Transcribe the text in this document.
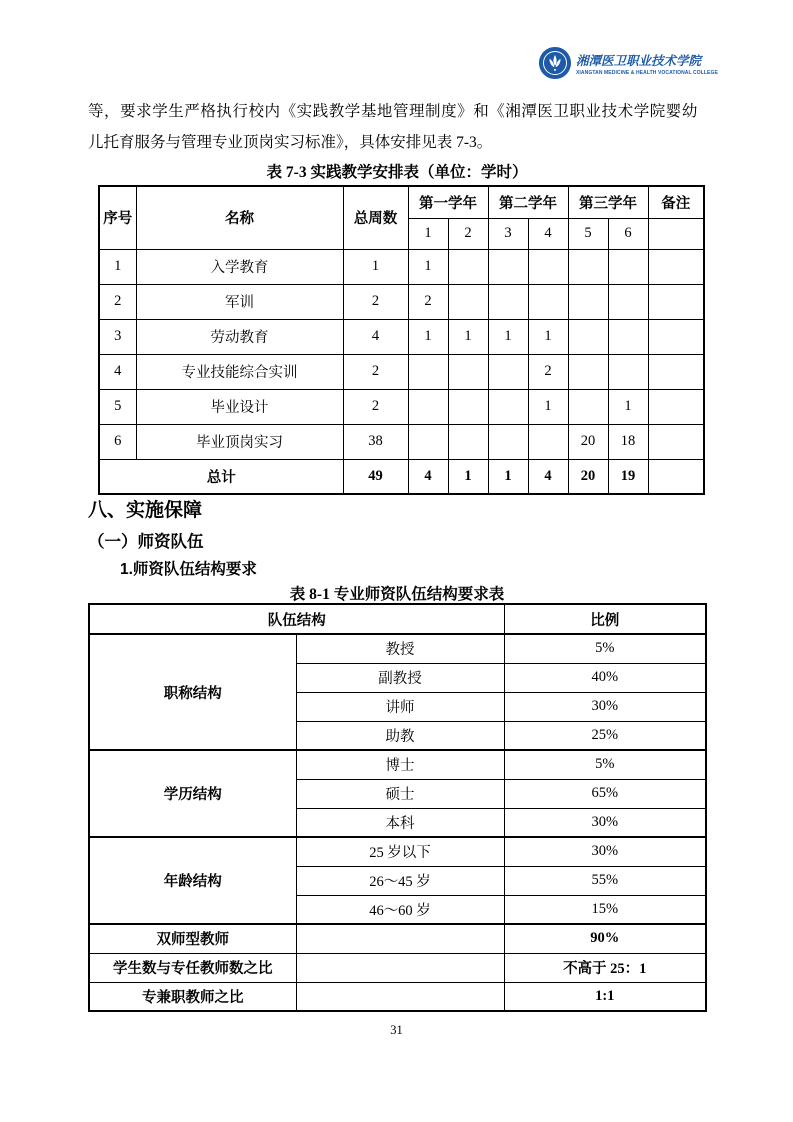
湘潭医卫职业技术学院
XIANGTAN MEDICINE & HEALTH VOCATIONAL COLLEGE
等，要求学生严格执行校内《实践教学基地管理制度》和《湘潭医卫职业技术学院婴幼
儿托育服务与管理专业顶岗实习标准》，具体安排见表 7-3。
表 7-3 实践教学安排表（单位：学时）
序号	名称	总周数	第一学年		第二学年		第三学年		备注
			1	2	3	4	5	6	
1	入学教育	1	1						
2	军训	2	2						
3	劳动教育	4	1	1	1	1			
4	专业技能综合实训	2				2			
5	毕业设计	2				1		1	
6	毕业顶岗实习	38					20	18	
总计		49	4	1	1	4	20	19	
八、实施保障
（一）师资队伍
1.师资队伍结构要求
表 8-1 专业师资队伍结构要求表
队伍结构		比例
职称结构	教授	5%
	副教授	40%
	讲师	30%
	助教	25%
学历结构	博士	5%
	硕士	65%
	本科	30%
年龄结构	25 岁以下	30%
	26～45 岁	55%
	46～60 岁	15%
双师型教师		90%
学生数与专任教师数之比		不高于 25：1
专兼职教师之比		1:1
31
